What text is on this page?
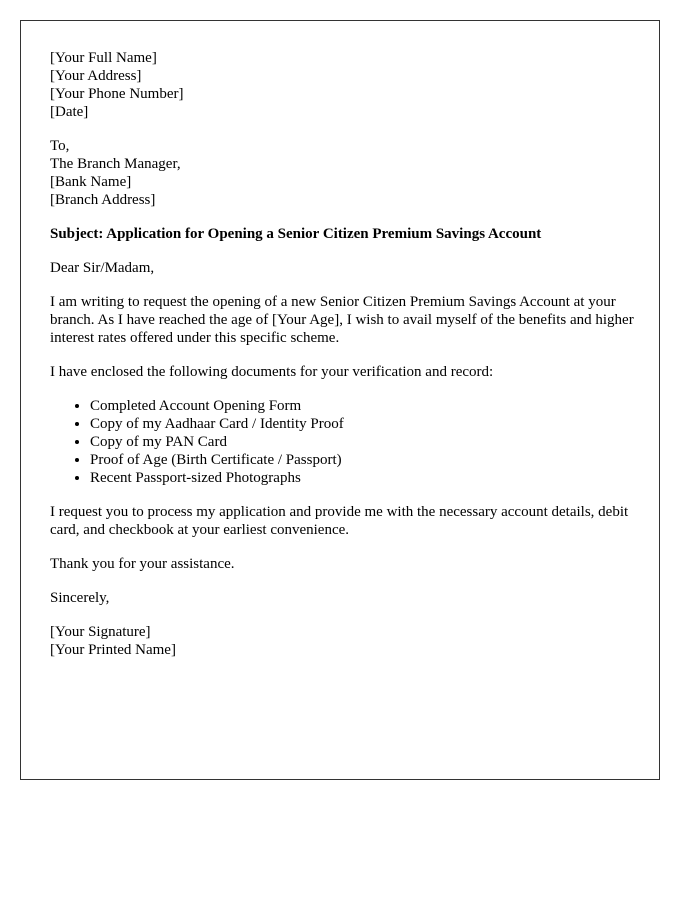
[Your Full Name]
[Your Address]
[Your Phone Number]
[Date]
To,
The Branch Manager,
[Bank Name]
[Branch Address]

Subject: Application for Opening a Senior Citizen Premium Savings Account

Dear Sir/Madam,

I am writing to request the opening of a new Senior Citizen Premium Savings Account at your branch. As I have reached the age of [Your Age], I wish to avail myself of the benefits and higher interest rates offered under this specific scheme.

I have enclosed the following documents for your verification and record:

• Completed Account Opening Form
• Copy of my Aadhaar Card / Identity Proof
• Copy of my PAN Card
• Proof of Age (Birth Certificate / Passport)
• Recent Passport-sized Photographs

I request you to process my application and provide me with the necessary account details, debit card, and checkbook at your earliest convenience.

Thank you for your assistance.

Sincerely,

[Your Signature]
[Your Printed Name]
